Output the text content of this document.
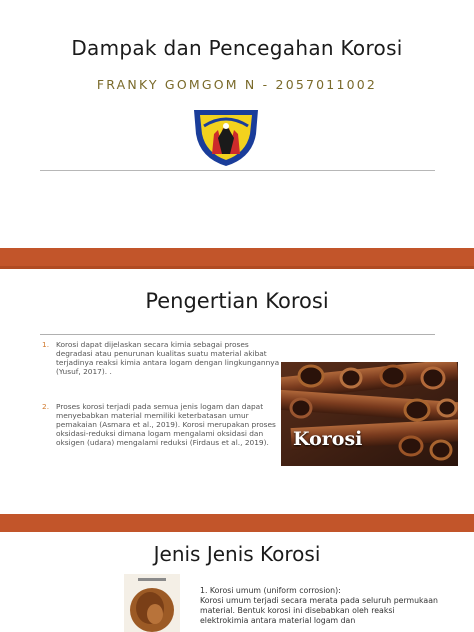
Dampak dan Pencegahan Korosi
FRANKY GOMGOM N - 2057011002
Pengertian Korosi
1. Korosi dapat dijelaskan secara kimia sebagai proses degradasi atau penurunan kualitas suatu material akibat terjadinya reaksi kimia antara logam dengan lingkungannya (Yusuf, 2017). .
2. Proses korosi terjadi pada semua jenis logam dan dapat menyebabkan material memiliki keterbatasan umur pemakaian (Asmara et al., 2019). Korosi merupakan proses oksidasi-reduksi dimana logam mengalami oksidasi dan oksigen (udara) mengalami reduksi (Firdaus et al., 2019).	Korosi
Jenis Jenis Korosi
1. Korosi umum (uniform corrosion):
Korosi umum terjadi secara merata pada seluruh permukaan material. Bentuk korosi ini disebabkan oleh reaksi elektrokimia antara material logam dan
